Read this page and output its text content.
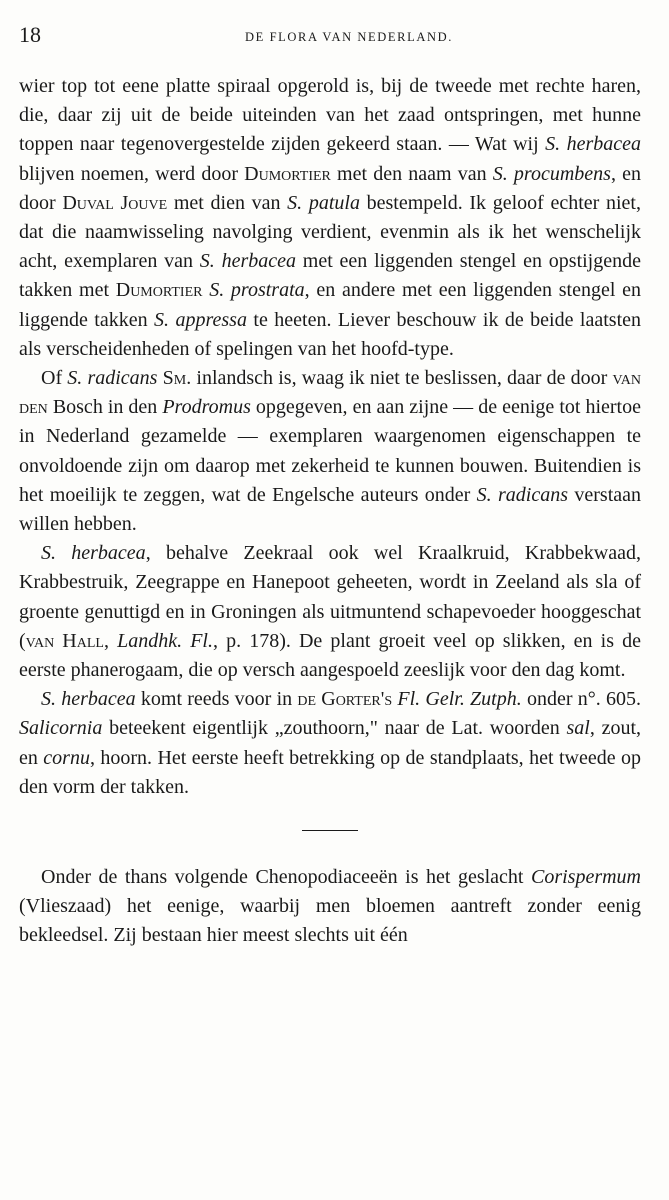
18	DE FLORA VAN NEDERLAND.

wier top tot eene platte spiraal opgerold is, bij de tweede met rechte haren, die, daar zij uit de beide uiteinden van het zaad ontspringen, met hunne toppen naar tegenovergestelde zijden gekeerd staan. — Wat wij S. herbacea blijven noemen, werd door Dumortier met den naam van S. procumbens, en door Duval Jouve met dien van S. patula bestempeld. Ik geloof echter niet, dat die naamwisseling navolging verdient, evenmin als ik het wenschelijk acht, exemplaren van S. herbacea met een liggenden stengel en opstijgende takken met Dumortier S. prostrata, en andere met een liggenden stengel en liggende takken S. appressa te heeten. Liever beschouw ik de beide laatsten als verscheidenheden of spelingen van het hoofd-type.

Of S. radicans Sm. inlandsch is, waag ik niet te beslissen, daar de door van den Bosch in den Prodromus opgegeven, en aan zijne — de eenige tot hiertoe in Nederland gezamelde — exemplaren waargenomen eigenschappen te onvoldoende zijn om daarop met zekerheid te kunnen bouwen. Buitendien is het moeilijk te zeggen, wat de Engelsche auteurs onder S. radicans verstaan willen hebben.

S. herbacea, behalve Zeekraal ook wel Kraalkruid, Krabbekwaad, Krabbestruik, Zeegrappe en Hanepoot geheeten, wordt in Zeeland als sla of groente genuttigd en in Groningen als uitmuntend schapevoeder hooggeschat (van Hall, Landhk. Fl., p. 178). De plant groeit veel op slikken, en is de eerste phanerogaam, die op versch aangespoeld zeeslijk voor den dag komt.

S. herbacea komt reeds voor in de Gorter's Fl. Gelr. Zutph. onder n°. 605. Salicornia beteekent eigentlijk „zouthoorn," naar de Lat. woorden sal, zout, en cornu, hoorn. Het eerste heeft betrekking op de standplaats, het tweede op den vorm der takken.

Onder de thans volgende Chenopodiaceeën is het geslacht Corispermum (Vlieszaad) het eenige, waarbij men bloemen aantreft zonder eenig bekleedsel. Zij bestaan hier meest slechts uit één
